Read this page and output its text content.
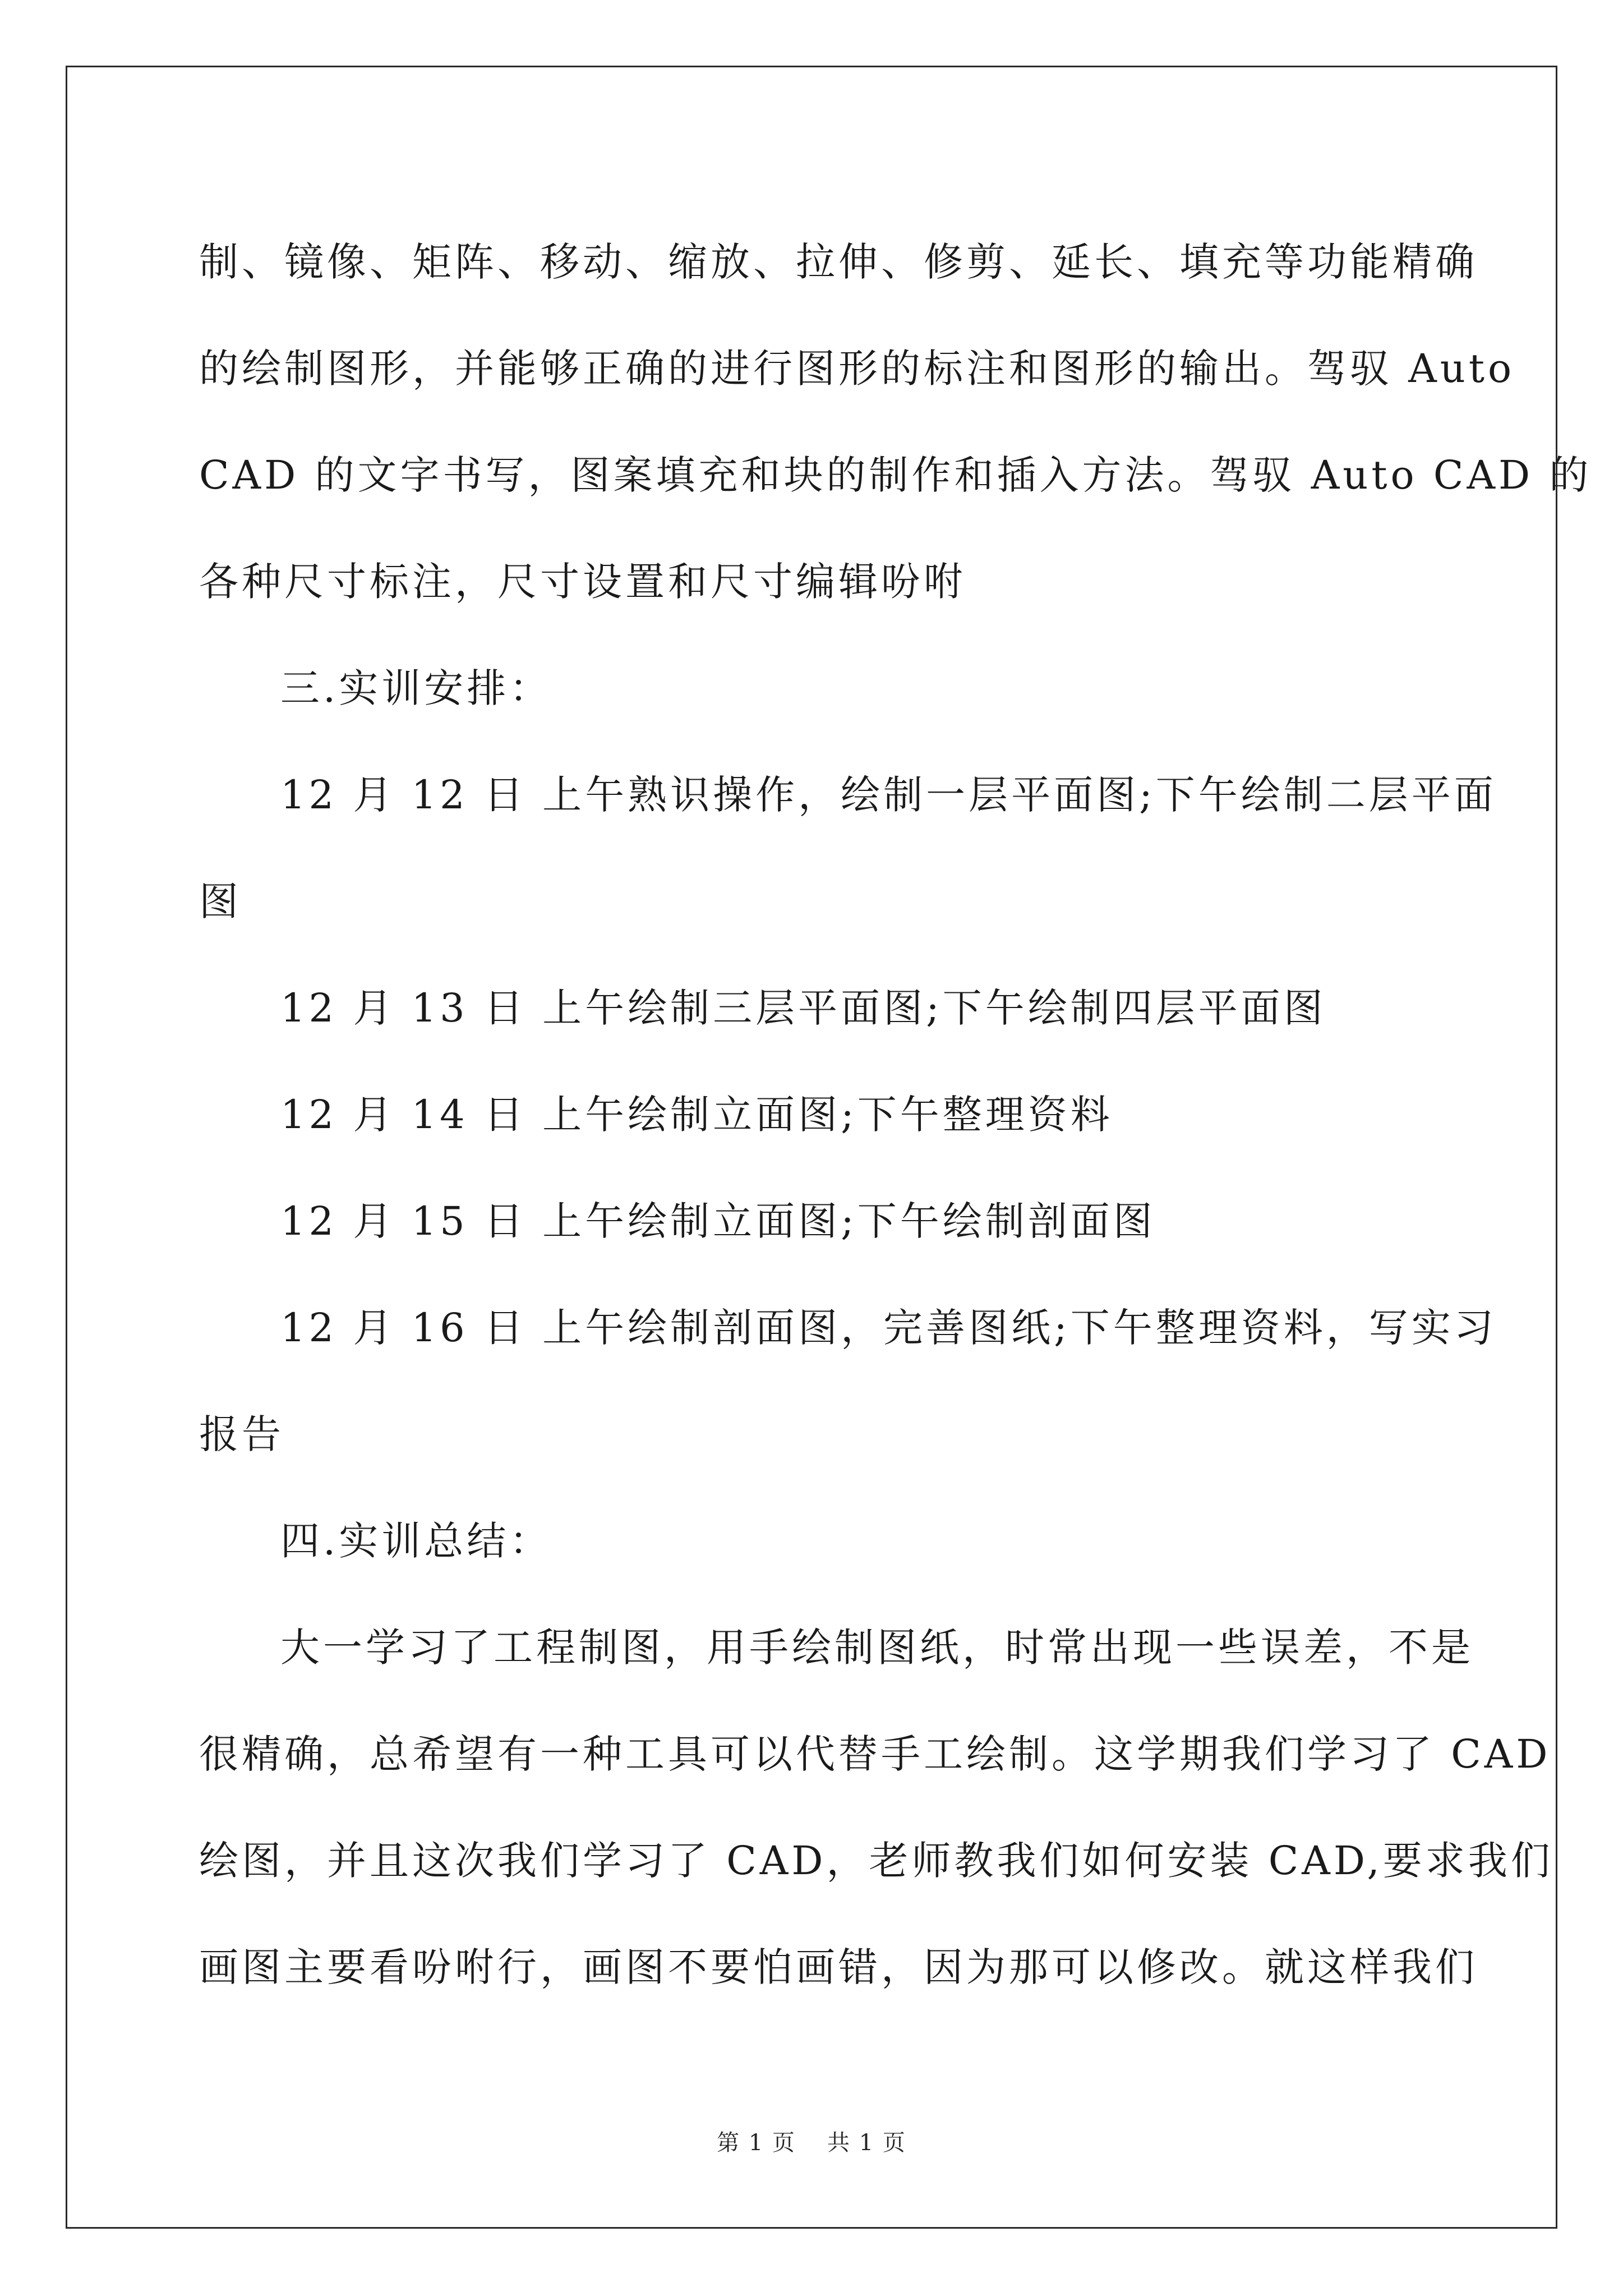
制、镜像、矩阵、移动、缩放、拉伸、修剪、延长、填充等功能精确
的绘制图形，并能够正确的进行图形的标注和图形的输出。驾驭 Auto
CAD 的文字书写，图案填充和块的制作和插入方法。驾驭 Auto CAD 的
各种尺寸标注，尺寸设置和尺寸编辑吩咐
三.实训安排：
12 月 12 日 上午熟识操作，绘制一层平面图;下午绘制二层平面
图
12 月 13 日 上午绘制三层平面图;下午绘制四层平面图
12 月 14 日 上午绘制立面图;下午整理资料
12 月 15 日 上午绘制立面图;下午绘制剖面图
12 月 16 日 上午绘制剖面图，完善图纸;下午整理资料，写实习
报告
四.实训总结：
大一学习了工程制图，用手绘制图纸，时常出现一些误差，不是
很精确，总希望有一种工具可以代替手工绘制。这学期我们学习了 CAD
绘图，并且这次我们学习了 CAD，老师教我们如何安装 CAD,要求我们
画图主要看吩咐行，画图不要怕画错，因为那可以修改。就这样我们
第 1 页 共 1 页
